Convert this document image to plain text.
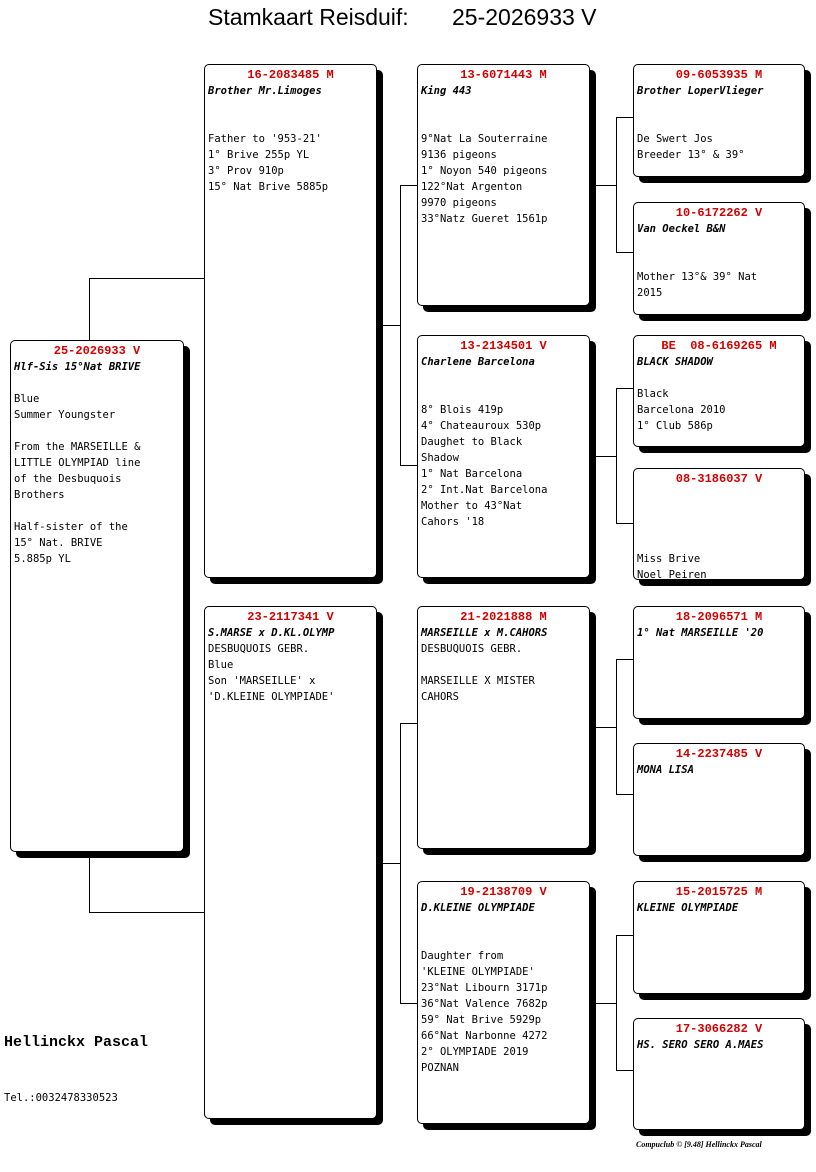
Stamkaart Reisduif: 25-2026933 V
25-2026933 V
Hlf-Sis 15°Nat BRIVE
Blue
Summer Youngster
From the MARSEILLE &
LITTLE OLYMPIAD line
of the Desbuquois
Brothers
Half-sister of the
15° Nat. BRIVE
5.885p YL
16-2083485 M
Brother Mr.Limoges
Father to '953-21'
1° Brive 255p YL
3° Prov 910p
15° Nat Brive 5885p
23-2117341 V
S.MARSE x D.KL.OLYMP
DESBUQUOIS GEBR.
Blue
Son 'MARSEILLE' x
'D.KLEINE OLYMPIADE'
13-6071443 M
King 443
9°Nat La Souterraine
9136 pigeons
1° Noyon 540 pigeons
122°Nat Argenton
9970 pigeons
33°Natz Gueret 1561p
13-2134501 V
Charlene Barcelona
8° Blois 419p
4° Chateauroux 530p
Daughet to Black
Shadow
1° Nat Barcelona
2° Int.Nat Barcelona
Mother to 43°Nat
Cahors '18
21-2021888 M
MARSEILLE x M.CAHORS
DESBUQUOIS GEBR.
MARSEILLE X MISTER
CAHORS
19-2138709 V
D.KLEINE OLYMPIADE
Daughter from
'KLEINE OLYMPIADE'
23°Nat Libourn 3171p
36°Nat Valence 7682p
59° Nat Brive 5929p
66°Nat Narbonne 4272
2° OLYMPIADE 2019
POZNAN
09-6053935 M
Brother LoperVlieger
De Swert Jos
Breeder 13° & 39°
10-6172262 V
Van Oeckel B&N
Mother 13°& 39° Nat
2015
BE  08-6169265 M
BLACK SHADOW
Black
Barcelona 2010
1° Club 586p
08-3186037 V
Miss Brive
Noel Peiren
18-2096571 M
1° Nat MARSEILLE '20
14-2237485 V
MONA LISA
15-2015725 M
KLEINE OLYMPIADE
17-3066282 V
HS. SERO SERO A.MAES
Hellinckx Pascal
Tel.:0032478330523
Compuclub © [9.48] Hellinckx Pascal
